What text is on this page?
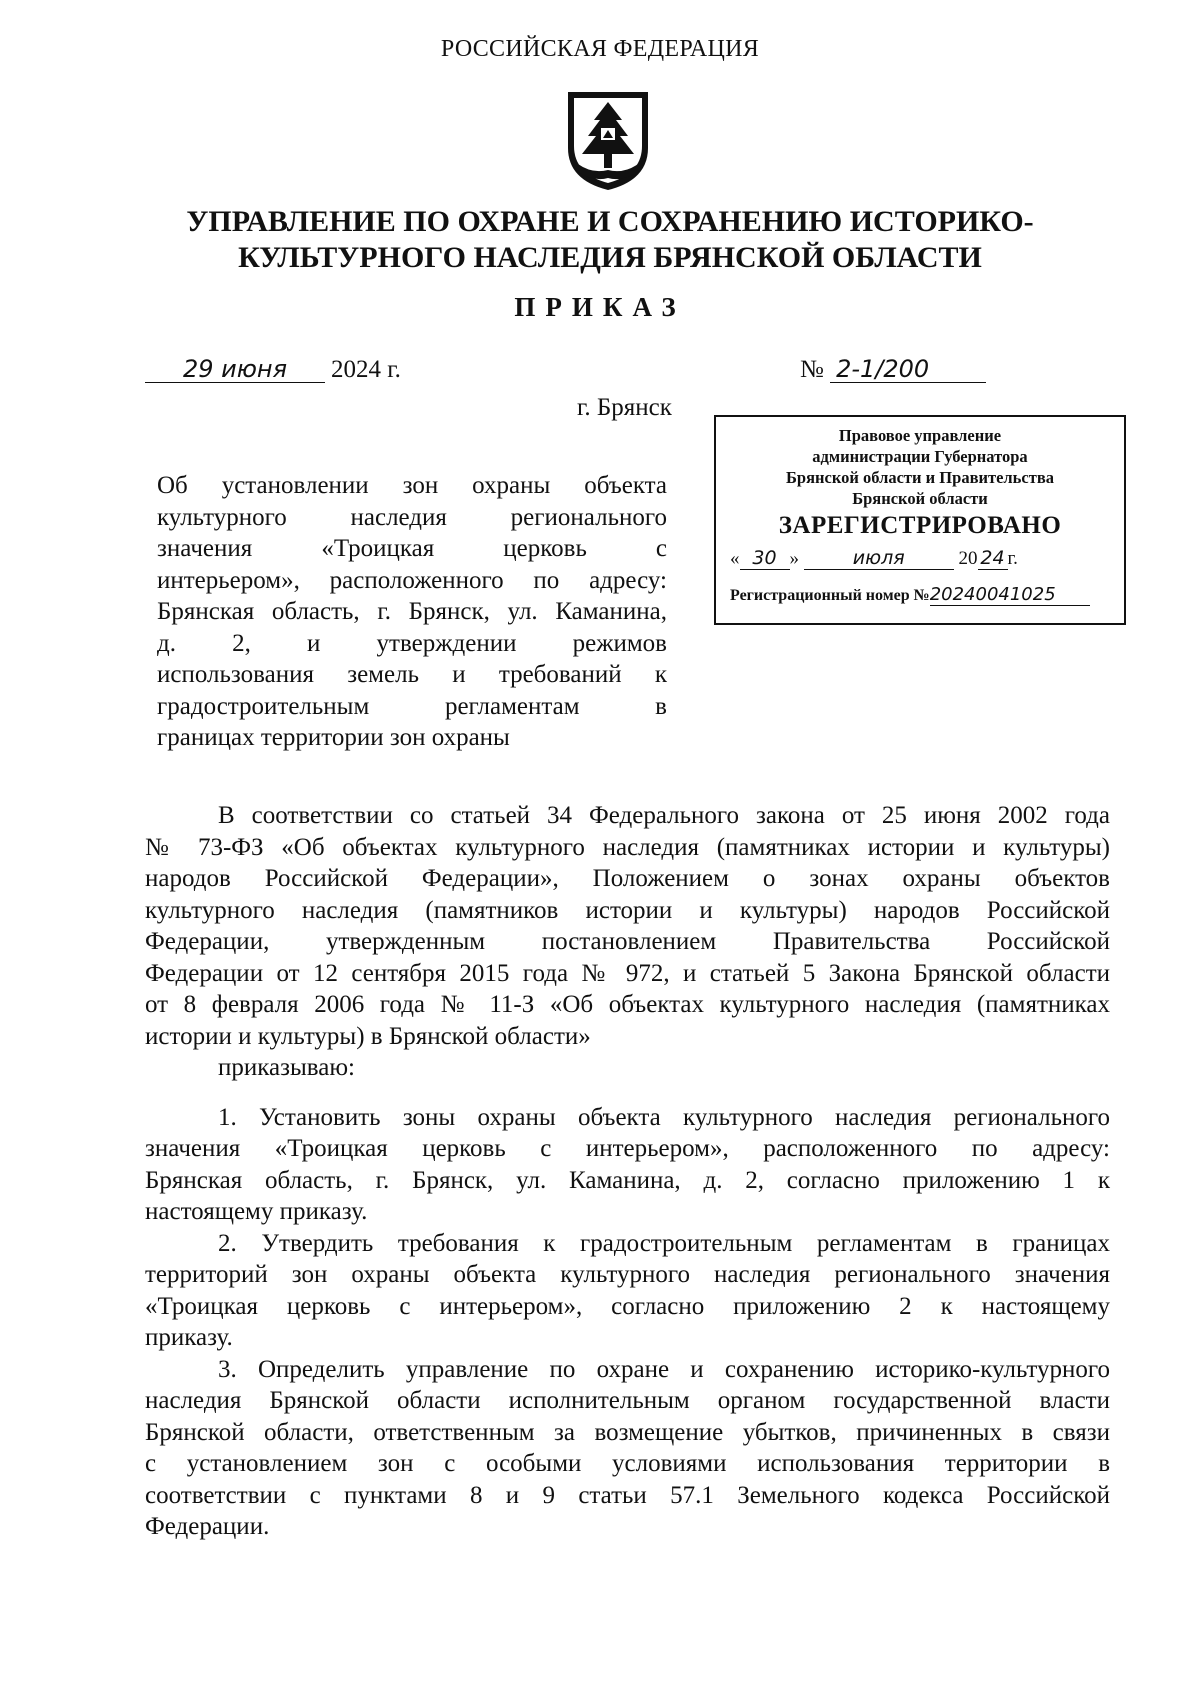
РОССИЙСКАЯ ФЕДЕРАЦИЯ
УПРАВЛЕНИЕ ПО ОХРАНЕ И СОХРАНЕНИЮ ИСТОРИКО-
КУЛЬТУРНОГО НАСЛЕДИЯ БРЯНСКОЙ ОБЛАСТИ
ПРИКАЗ
29 июня 2024 г.	№ 2-1/200
г. Брянск
Правовое управление
администрации Губернатора
Брянской области и Правительства
Брянской области
ЗАРЕГИСТРИРОВАНО
« 30 »	июля	20 24 г.
Регистрационный номер №20240041025
Об установлении зон охраны объекта
культурного наследия регионального
значения «Троицкая церковь с
интерьером», расположенного по адресу:
Брянская область, г. Брянск, ул. Каманина,
д. 2, и утверждении режимов
использования земель и требований к
градостроительным регламентам в
границах территории зон охраны

В соответствии со статьей 34 Федерального закона от 25 июня 2002 года
№ 73-ФЗ «Об объектах культурного наследия (памятниках истории и культуры)
народов Российской Федерации», Положением о зонах охраны объектов
культурного наследия (памятников истории и культуры) народов Российской
Федерации, утвержденным постановлением Правительства Российской
Федерации от 12 сентября 2015 года № 972, и статьей 5 Закона Брянской области
от 8 февраля 2006 года № 11-З «Об объектах культурного наследия (памятниках
истории и культуры) в Брянской области»
приказываю:

1. Установить зоны охраны объекта культурного наследия регионального
значения «Троицкая церковь с интерьером», расположенного по адресу:
Брянская область, г. Брянск, ул. Каманина, д. 2, согласно приложению 1 к
настоящему приказу.

2. Утвердить требования к градостроительным регламентам в границах
территорий зон охраны объекта культурного наследия регионального значения
«Троицкая церковь с интерьером», согласно приложению 2 к настоящему
приказу.

3. Определить управление по охране и сохранению историко-культурного
наследия Брянской области исполнительным органом государственной власти
Брянской области, ответственным за возмещение убытков, причиненных в связи
с установлением зон с особыми условиями использования территории в
соответствии с пунктами 8 и 9 статьи 57.1 Земельного кодекса Российской
Федерации.
